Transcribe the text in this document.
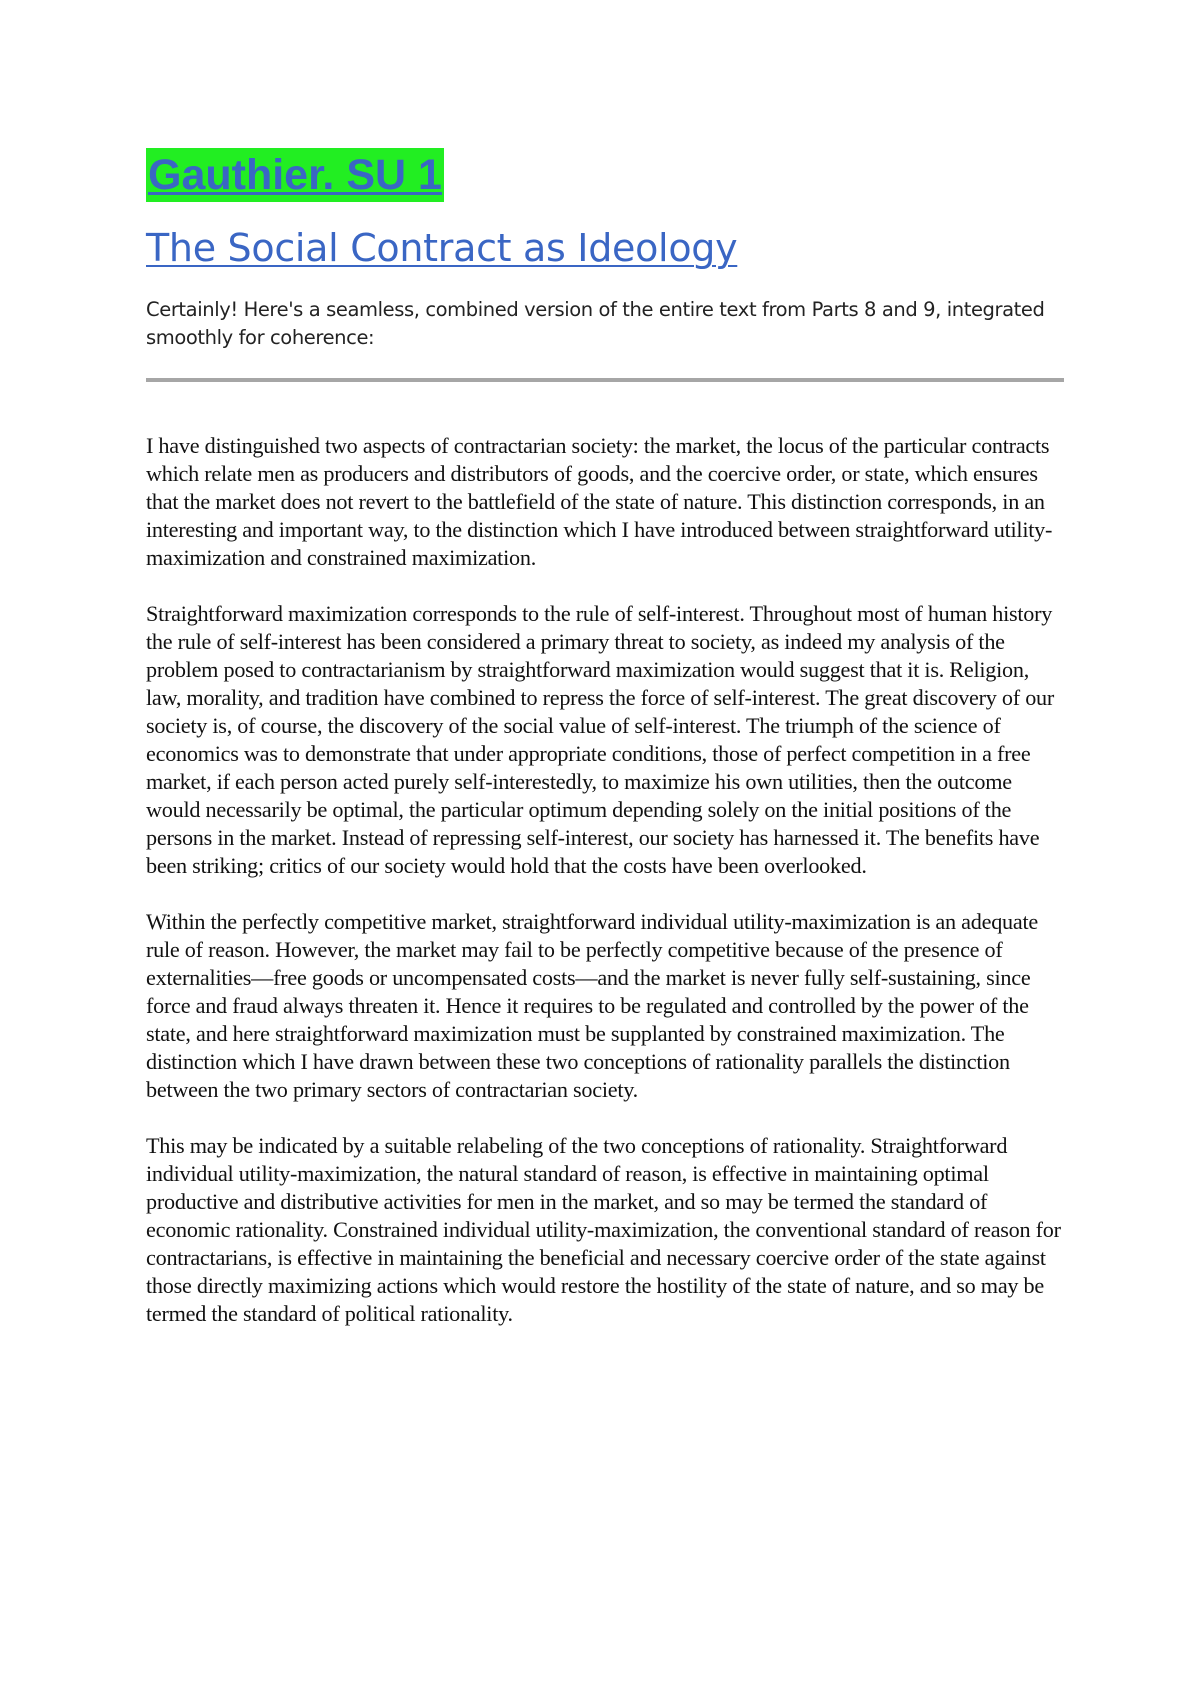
Gauthier. SU 1
The Social Contract as Ideology

Certainly! Here's a seamless, combined version of the entire text from Parts 8 and 9, integrated smoothly for coherence:

I have distinguished two aspects of contractarian society: the market, the locus of the particular contracts which relate men as producers and distributors of goods, and the coercive order, or state, which ensures that the market does not revert to the battlefield of the state of nature. This distinction corresponds, in an interesting and important way, to the distinction which I have introduced between straightforward utility-maximization and constrained maximization.

Straightforward maximization corresponds to the rule of self-interest. Throughout most of human history the rule of self-interest has been considered a primary threat to society, as indeed my analysis of the problem posed to contractarianism by straightforward maximization would suggest that it is. Religion, law, morality, and tradition have combined to repress the force of self-interest. The great discovery of our society is, of course, the discovery of the social value of self-interest. The triumph of the science of economics was to demonstrate that under appropriate conditions, those of perfect competition in a free market, if each person acted purely self-interestedly, to maximize his own utilities, then the outcome would necessarily be optimal, the particular optimum depending solely on the initial positions of the persons in the market. Instead of repressing self-interest, our society has harnessed it. The benefits have been striking; critics of our society would hold that the costs have been overlooked.

Within the perfectly competitive market, straightforward individual utility-maximization is an adequate rule of reason. However, the market may fail to be perfectly competitive because of the presence of externalities—free goods or uncompensated costs—and the market is never fully self-sustaining, since force and fraud always threaten it. Hence it requires to be regulated and controlled by the power of the state, and here straightforward maximization must be supplanted by constrained maximization. The distinction which I have drawn between these two conceptions of rationality parallels the distinction between the two primary sectors of contractarian society.

This may be indicated by a suitable relabeling of the two conceptions of rationality. Straightforward individual utility-maximization, the natural standard of reason, is effective in maintaining optimal productive and distributive activities for men in the market, and so may be termed the standard of economic rationality. Constrained individual utility-maximization, the conventional standard of reason for contractarians, is effective in maintaining the beneficial and necessary coercive order of the state against those directly maximizing actions which would restore the hostility of the state of nature, and so may be termed the standard of political rationality.
